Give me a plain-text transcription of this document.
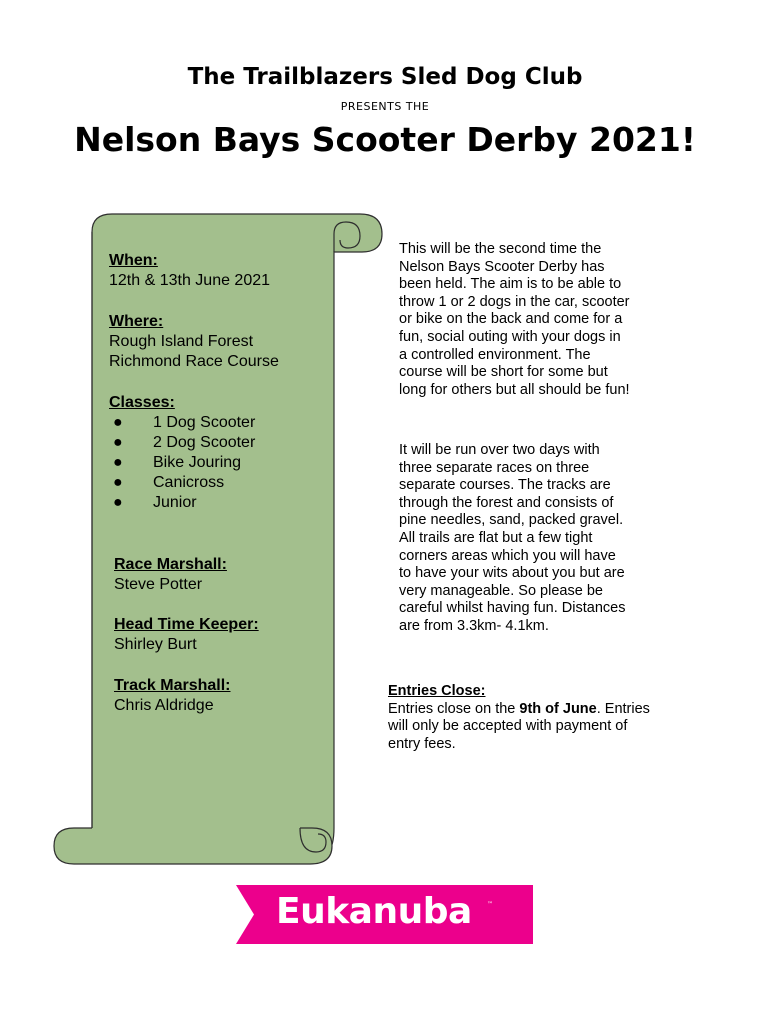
The Trailblazers Sled Dog Club
PRESENTS THE
Nelson Bays Scooter Derby 2021!
When:
12th & 13th June 2021
Where:
Rough Island Forest
Richmond Race Course
Classes:
● 1 Dog Scooter
● 2 Dog Scooter
● Bike Jouring
● Canicross
● Junior
Race Marshall:
Steve Potter
Head Time Keeper:
Shirley Burt
Track Marshall:
Chris Aldridge
This will be the second time the
Nelson Bays Scooter Derby has
been held. The aim is to be able to
throw 1 or 2 dogs in the car, scooter
or bike on the back and come for a
fun, social outing with your dogs in
a controlled environment. The
course will be short for some but
long for others but all should be fun!
It will be run over two days with
three separate races on three
separate courses. The tracks are
through the forest and consists of
pine needles, sand, packed gravel.
All trails are flat but a few tight
corners areas which you will have
to have your wits about you but are
very manageable. So please be
careful whilst having fun. Distances
are from 3.3km- 4.1km.
Entries Close:
Entries close on the 9th of June. Entries
will only be accepted with payment of
entry fees.
Eukanuba	™
